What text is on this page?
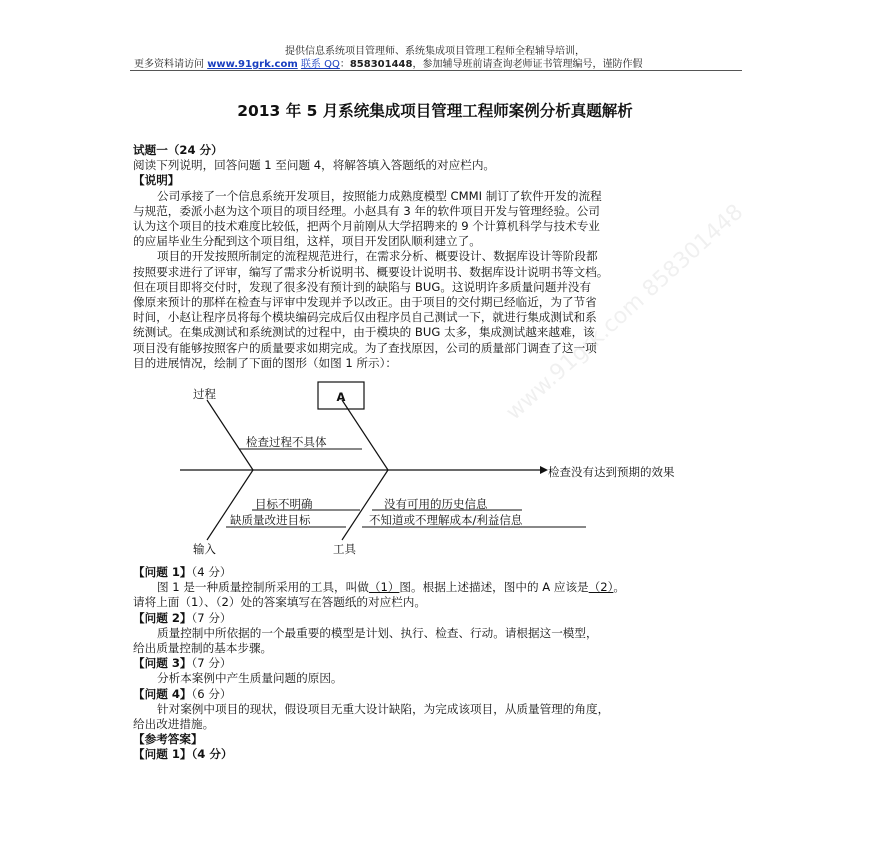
提供信息系统项目管理师、系统集成项目管理工程师全程辅导培训，
更多资料请访问 www.91grk.com 联系 QQ：858301448，参加辅导班前请查询老师证书管理编号，谨防作假
2013 年 5 月系统集成项目管理工程师案例分析真题解析
试题一（24 分）
阅读下列说明，回答问题 1 至问题 4，将解答填入答题纸的对应栏内。
【说明】
公司承接了一个信息系统开发项目，按照能力成熟度模型 CMMI 制订了软件开发的流程
与规范，委派小赵为这个项目的项目经理。小赵具有 3 年的软件项目开发与管理经验。公司
认为这个项目的技术难度比较低，把两个月前刚从大学招聘来的 9 个计算机科学与技术专业
的应届毕业生分配到这个项目组，这样，项目开发团队顺利建立了。
项目的开发按照所制定的流程规范进行，在需求分析、概要设计、数据库设计等阶段都
按照要求进行了评审，编写了需求分析说明书、概要设计说明书、数据库设计说明书等文档。
但在项目即将交付时，发现了很多没有预计到的缺陷与 BUG。这说明许多质量问题并没有
像原来预计的那样在检查与评审中发现并予以改正。由于项目的交付期已经临近，为了节省
时间，小赵让程序员将每个模块编码完成后仅由程序员自己测试一下，就进行集成测试和系
统测试。在集成测试和系统测试的过程中，由于模块的 BUG 太多，集成测试越来越难，该
项目没有能够按照客户的质量要求如期完成。为了查找原因，公司的质量部门调查了这一项
目的进展情况，绘制了下面的图形（如图 1 所示）：
过程	A
检查过程不具体
检查没有达到预期的效果
目标不明确	没有可用的历史信息
缺质量改进目标	不知道或不理解成本/利益信息
输入	工具
【问题 1】（4 分）
图 1 是一种质量控制所采用的工具，叫做（1）图。根据上述描述，图中的 A 应该是（2）。
请将上面（1）、（2）处的答案填写在答题纸的对应栏内。
【问题 2】（7 分）
质量控制中所依据的一个最重要的模型是计划、执行、检查、行动。请根据这一模型，
给出质量控制的基本步骤。
【问题 3】（7 分）
分析本案例中产生质量问题的原因。
【问题 4】（6 分）
针对案例中项目的现状，假设项目无重大设计缺陷，为完成该项目，从质量管理的角度，
给出改进措施。
【参考答案】
【问题 1】（4 分）
www.91grk.com 858301448
